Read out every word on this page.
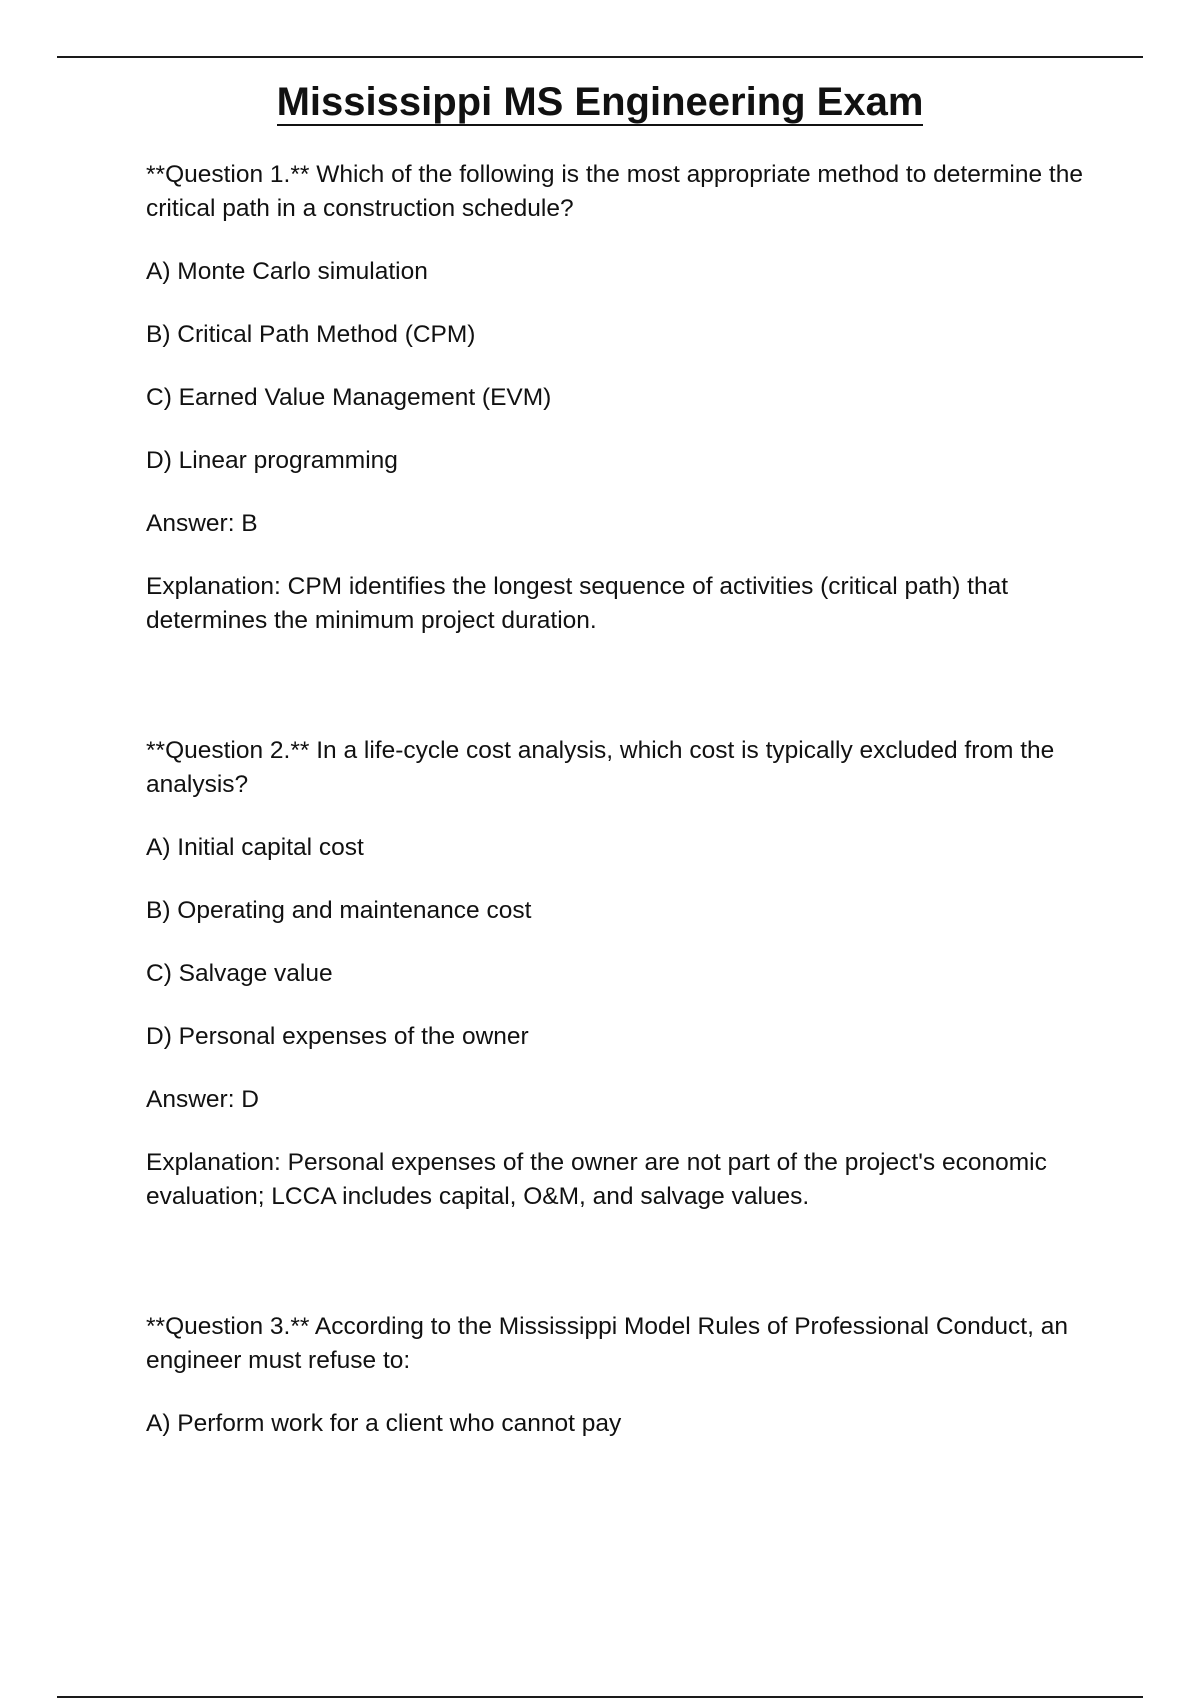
Mississippi MS Engineering Exam

**Question 1.** Which of the following is the most appropriate method to determine the critical path in a construction schedule?

A) Monte Carlo simulation

B) Critical Path Method (CPM)

C) Earned Value Management (EVM)

D) Linear programming

Answer: B

Explanation: CPM identifies the longest sequence of activities (critical path) that determines the minimum project duration.

**Question 2.** In a life-cycle cost analysis, which cost is typically excluded from the analysis?

A) Initial capital cost

B) Operating and maintenance cost

C) Salvage value

D) Personal expenses of the owner

Answer: D

Explanation: Personal expenses of the owner are not part of the project's economic evaluation; LCCA includes capital, O&M, and salvage values.

**Question 3.** According to the Mississippi Model Rules of Professional Conduct, an engineer must refuse to:

A) Perform work for a client who cannot pay
